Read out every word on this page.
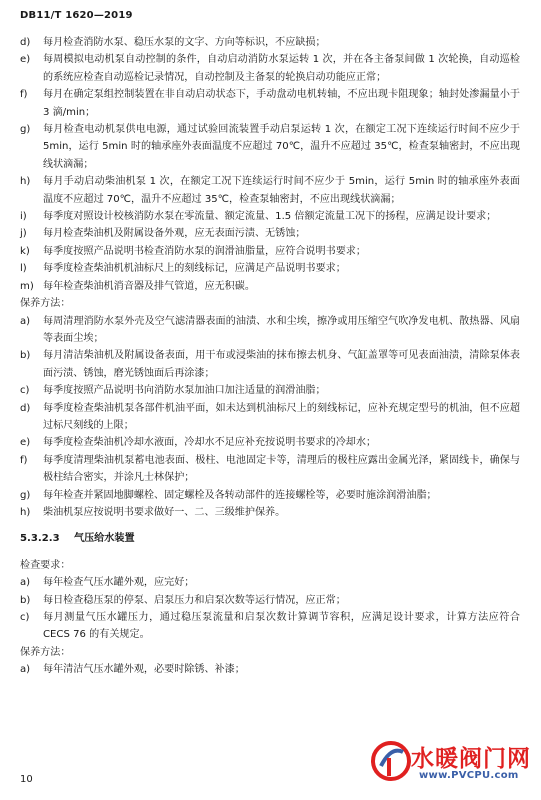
DB11/T 1620—2019
d)	每月检查消防水泵、稳压水泵的文字、方向等标识，不应缺损；
e)	每周模拟电动机泵自动控制的条件，自动启动消防水泵运转 1 次，并在各主备泵间做 1 次轮换，自动巡检的系统应检查自动巡检记录情况，自动控制及主备泵的轮换启动功能应正常；
f)	每月在确定泵组控制装置在非自动启动状态下，手动盘动电机转轴，不应出现卡阻现象；轴封处渗漏量小于 3 滴/min；
g)	每月检查电动机泵供电电源，通过试验回流装置手动启泵运转 1 次，在额定工况下连续运行时间不应少于 5min，运行 5min 时的轴承座外表面温度不应超过 70℃，温升不应超过 35℃，检查泵轴密封，不应出现线状滴漏；
h)	每月手动启动柴油机泵 1 次，在额定工况下连续运行时间不应少于 5min，运行 5min 时的轴承座外表面温度不应超过 70℃，温升不应超过 35℃，检查泵轴密封，不应出现线状滴漏；
i)	每季度对照设计校核消防水泵在零流量、额定流量、1.5 倍额定流量工况下的扬程，应满足设计要求；
j)	每月检查柴油机及附属设备外观，应无表面污渍、无锈蚀；
k)	每季度按照产品说明书检查消防水泵的润滑油脂量，应符合说明书要求；
l)	每季度检查柴油机机油标尺上的刻线标记，应满足产品说明书要求；
m) 每年检查柴油机消音器及排气管道，应无积碳。
保养方法：
a)	每周清理消防水泵外壳及空气滤清器表面的油渍、水和尘埃，擦净或用压缩空气吹净发电机、散热器、风扇等表面尘埃；
b)	每月清洁柴油机及附属设备表面，用干布或浸柴油的抹布擦去机身、气缸盖罩等可见表面油渍，清除泵体表面污渍、锈蚀，磨光锈蚀面后再涂漆；
c)	每季度按照产品说明书向消防水泵加油口加注适量的润滑油脂；
d)	每季度检查柴油机泵各部件机油平面，如未达到机油标尺上的刻线标记，应补充规定型号的机油，但不应超过标尺刻线的上限；
e)	每季度检查柴油机冷却水液面，冷却水不足应补充按说明书要求的冷却水；
f)	每季度清理柴油机泵蓄电池表面、极柱、电池固定卡等，清理后的极柱应露出金属光泽，紧固线卡，确保与极柱结合密实，并涂凡士林保护；
g)	每年检查并紧固地脚螺栓、固定螺栓及各转动部件的连接螺栓等，必要时施涂润滑油脂；
h)	柴油机泵应按说明书要求做好一、二、三级维护保养。
5.3.2.3 气压给水装置
检查要求：
a)	每年检查气压水罐外观，应完好；
b)	每日检查稳压泵的停泵、启泵压力和启泵次数等运行情况，应正常；
c)	每月测量气压水罐压力，通过稳压泵流量和启泵次数计算调节容积，应满足设计要求，计算方法应符合 CECS 76 的有关规定。
保养方法：
a)	每年清洁气压水罐外观，必要时除锈、补漆；
10
水暖阀门网
www.PVCPU.com
